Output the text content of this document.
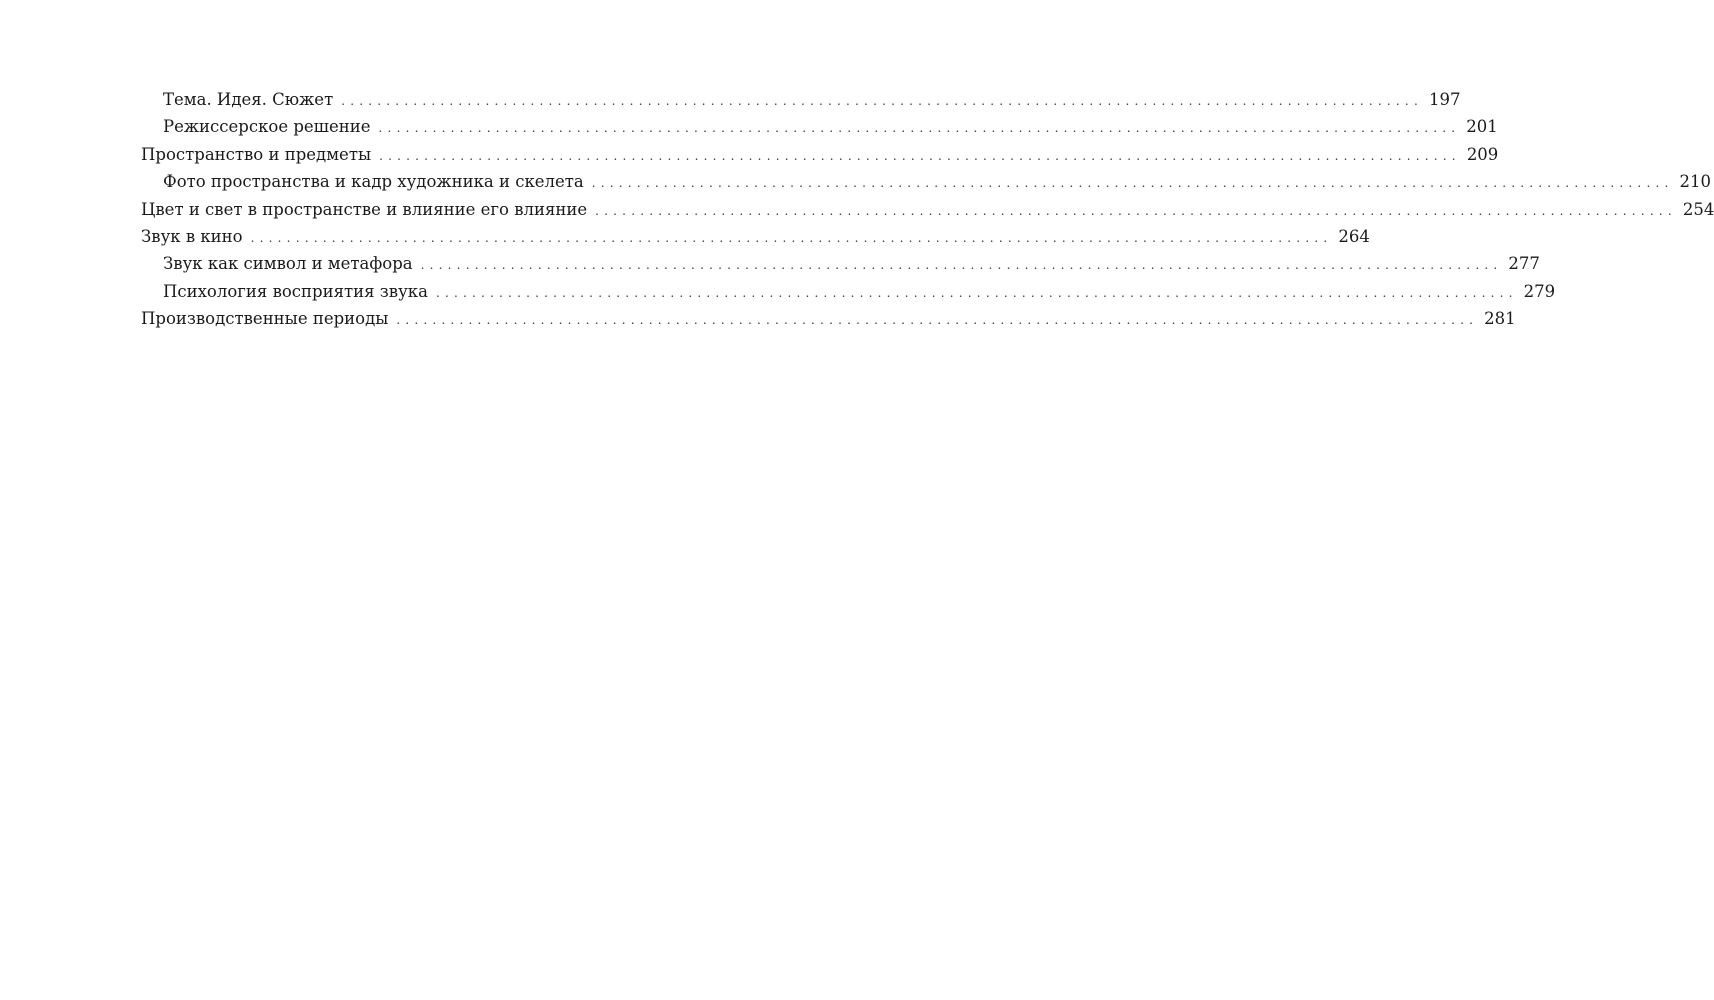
Тема. Идея. Сюжет ........................................................................................................................ 197
Режиссерское решение ........................................................................................................................ 201
Пространство и предметы ........................................................................................................................ 209
Фото пространства и кадр художника и скелета ........................................................................................................................ 210
Цвет и свет в пространстве и влияние его влияние ........................................................................................................................ 254
Звук в кино ........................................................................................................................ 264
Звук как символ и метафора ........................................................................................................................ 277
Психология восприятия звука ........................................................................................................................ 279
Производственные периоды ........................................................................................................................ 281
